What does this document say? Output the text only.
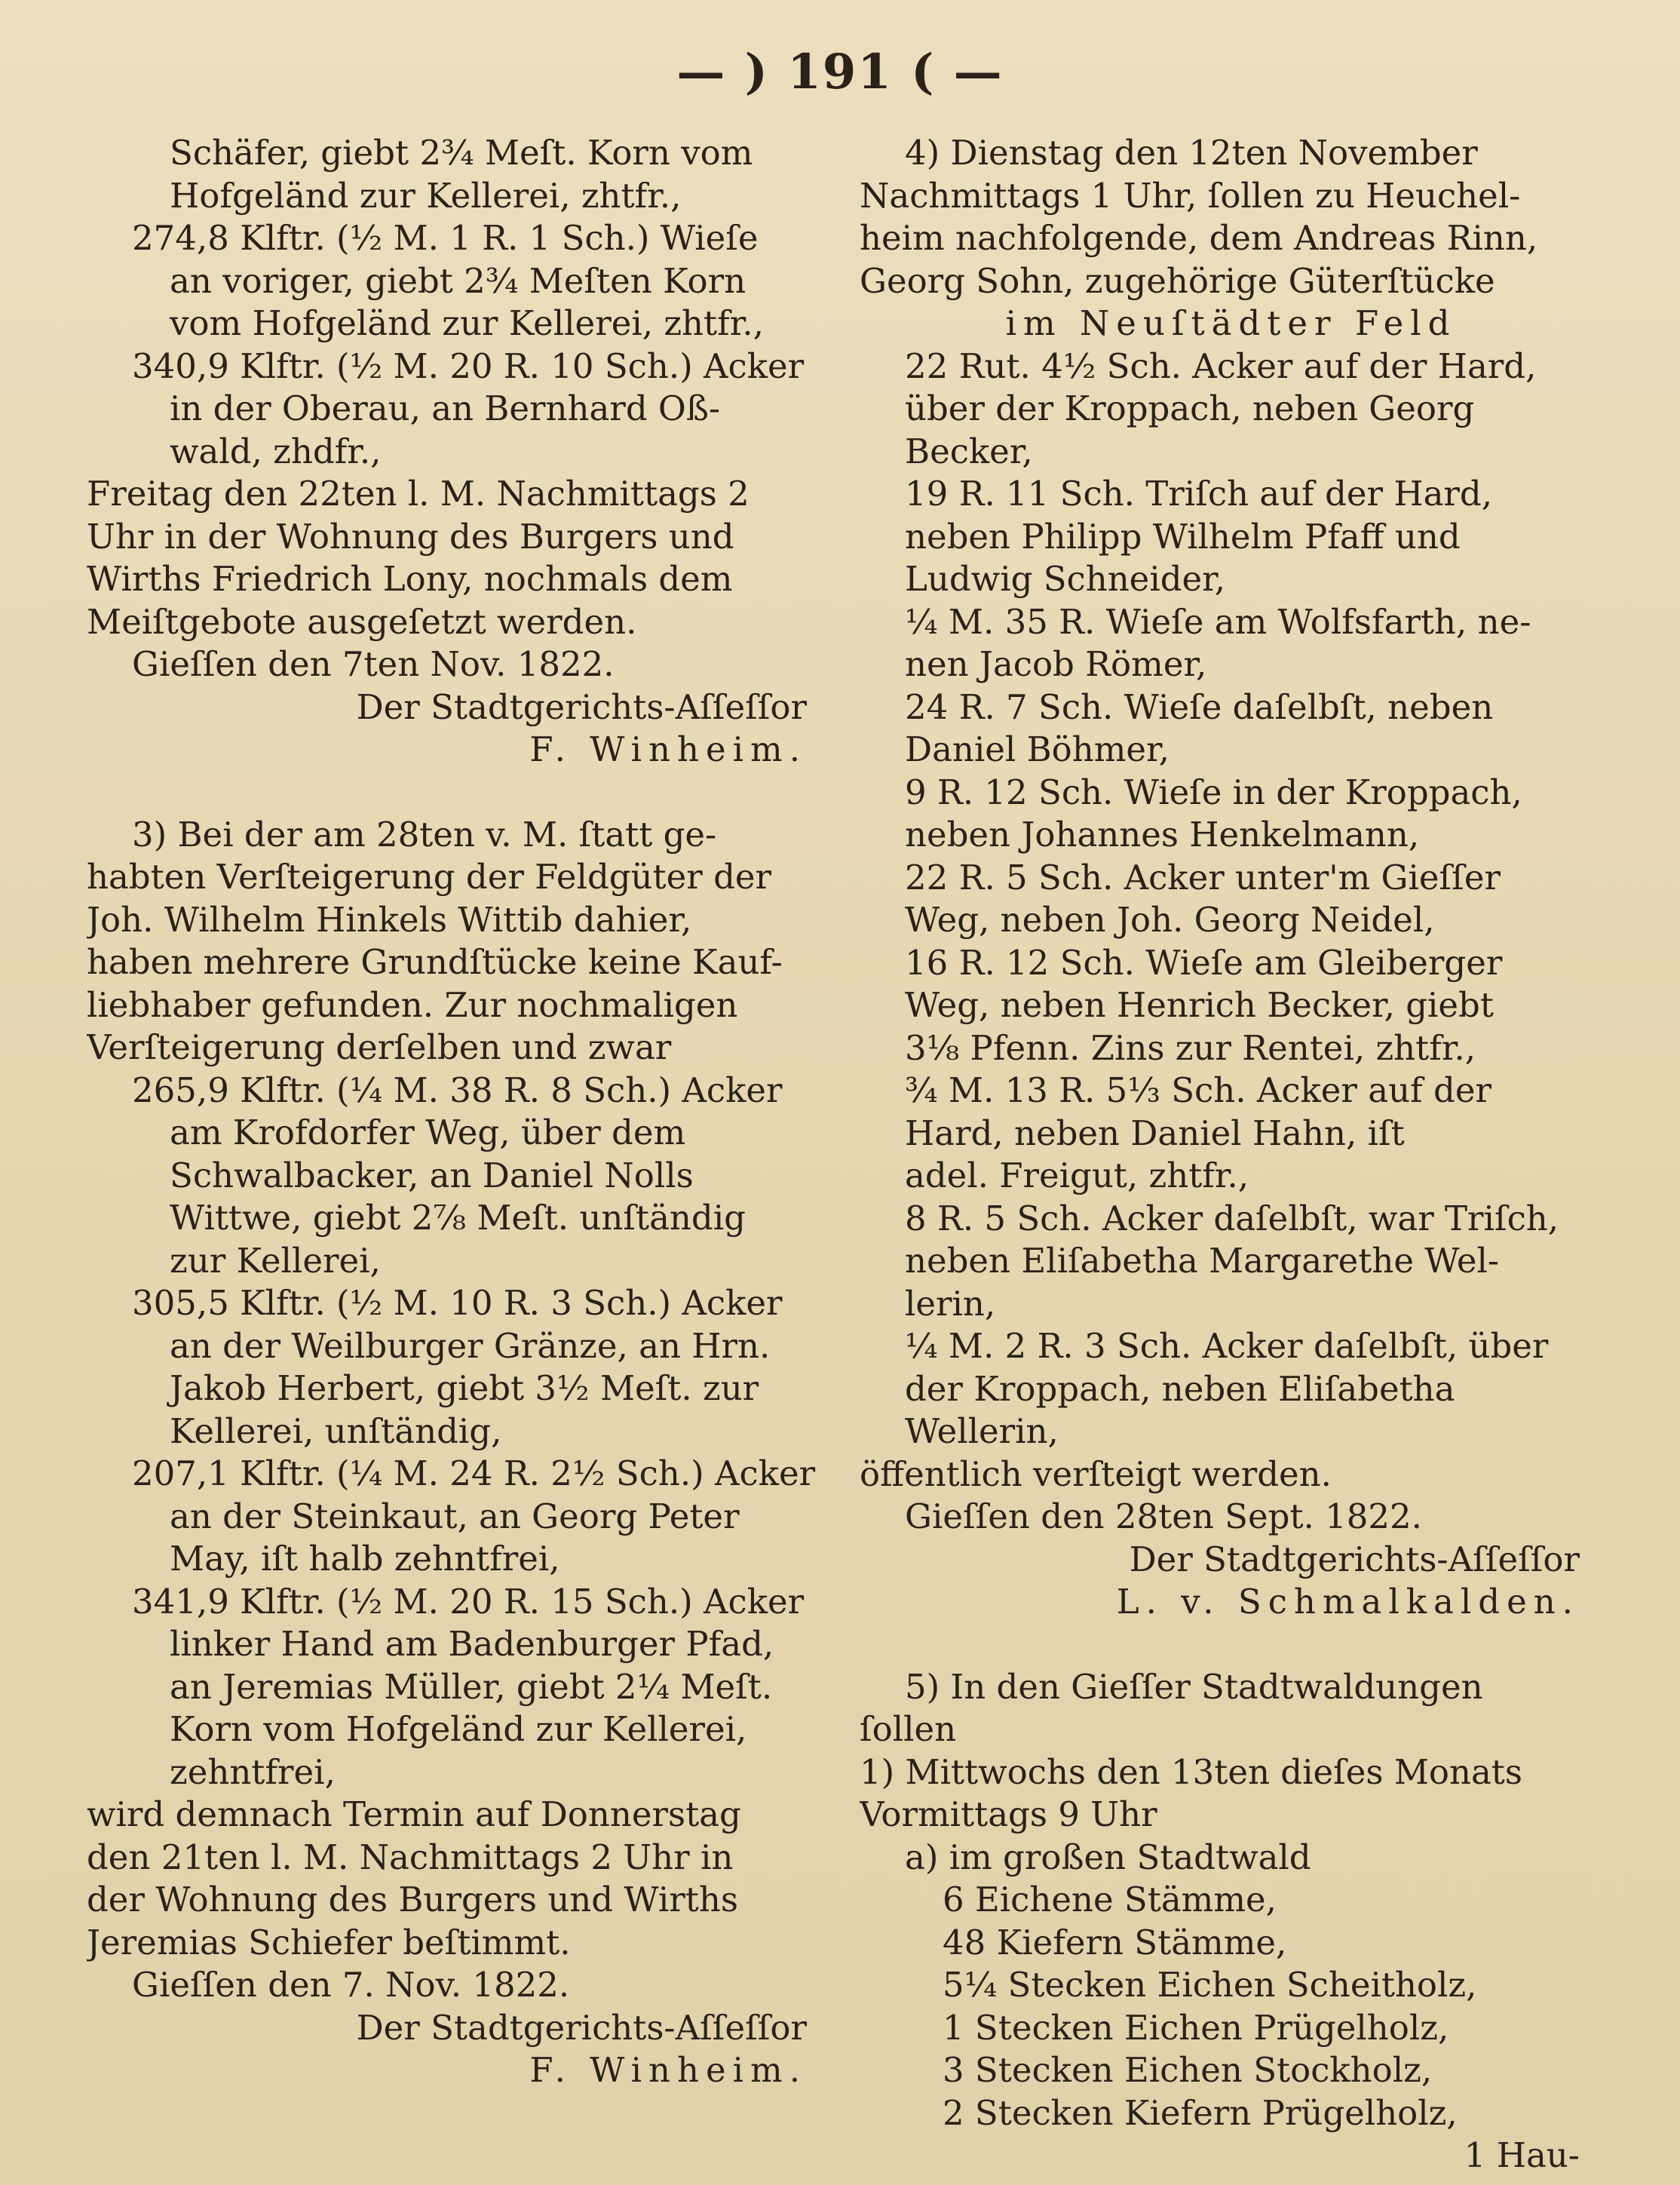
— ) 191 ( —
Schäfer, giebt 2¾ Meſt. Korn vom
Hofgeländ zur Kellerei, zhtfr.,
274,8 Klftr. (½ M. 1 R. 1 Sch.) Wieſe
an voriger, giebt 2¾ Meſten Korn
vom Hofgeländ zur Kellerei, zhtfr.,
340,9 Klftr. (½ M. 20 R. 10 Sch.) Acker
in der Oberau, an Bernhard Oß-
wald, zhdfr.,
Freitag den 22ten l. M. Nachmittags 2
Uhr in der Wohnung des Burgers und
Wirths Friedrich Lony, nochmals dem
Meiſtgebote ausgeſetzt werden.
Gieſſen den 7ten Nov. 1822.
Der Stadtgerichts-Aſſeſſor
F. Winheim.
3) Bei der am 28ten v. M. ſtatt ge-
habten Verſteigerung der Feldgüter der
Joh. Wilhelm Hinkels Wittib dahier,
haben mehrere Grundſtücke keine Kauf-
liebhaber gefunden. Zur nochmaligen
Verſteigerung derſelben und zwar
265,9 Klftr. (¼ M. 38 R. 8 Sch.) Acker
am Krofdorfer Weg, über dem
Schwalbacker, an Daniel Nolls
Wittwe, giebt 2⅞ Meſt. unſtändig
zur Kellerei,
305,5 Klftr. (½ M. 10 R. 3 Sch.) Acker
an der Weilburger Gränze, an Hrn.
Jakob Herbert, giebt 3½ Meſt. zur
Kellerei, unſtändig,
207,1 Klftr. (¼ M. 24 R. 2½ Sch.) Acker
an der Steinkaut, an Georg Peter
May, iſt halb zehntfrei,
341,9 Klftr. (½ M. 20 R. 15 Sch.) Acker
linker Hand am Badenburger Pfad,
an Jeremias Müller, giebt 2¼ Meſt.
Korn vom Hofgeländ zur Kellerei,
zehntfrei,
wird demnach Termin auf Donnerstag
den 21ten l. M. Nachmittags 2 Uhr in
der Wohnung des Burgers und Wirths
Jeremias Schiefer beſtimmt.
Gieſſen den 7. Nov. 1822.
Der Stadtgerichts-Aſſeſſor
F. Winheim.
4) Dienstag den 12ten November
Nachmittags 1 Uhr, ſollen zu Heuchel-
heim nachfolgende, dem Andreas Rinn,
Georg Sohn, zugehörige Güterſtücke
im Neuſtädter Feld
22 Rut. 4½ Sch. Acker auf der Hard,
über der Kroppach, neben Georg
Becker,
19 R. 11 Sch. Triſch auf der Hard,
neben Philipp Wilhelm Pfaff und
Ludwig Schneider,
¼ M. 35 R. Wieſe am Wolfsfarth, ne-
nen Jacob Römer,
24 R. 7 Sch. Wieſe daſelbſt, neben
Daniel Böhmer,
9 R. 12 Sch. Wieſe in der Kroppach,
neben Johannes Henkelmann,
22 R. 5 Sch. Acker unter'm Gieſſer
Weg, neben Joh. Georg Neidel,
16 R. 12 Sch. Wieſe am Gleiberger
Weg, neben Henrich Becker, giebt
3⅛ Pfenn. Zins zur Rentei, zhtfr.,
¾ M. 13 R. 5⅓ Sch. Acker auf der
Hard, neben Daniel Hahn, iſt
adel. Freigut, zhtfr.,
8 R. 5 Sch. Acker daſelbſt, war Triſch,
neben Eliſabetha Margarethe Wel-
lerin,
¼ M. 2 R. 3 Sch. Acker daſelbſt, über
der Kroppach, neben Eliſabetha
Wellerin,
öffentlich verſteigt werden.
Gieſſen den 28ten Sept. 1822.
Der Stadtgerichts-Aſſeſſor
L. v. Schmalkalden.
5) In den Gieſſer Stadtwaldungen
ſollen
1) Mittwochs den 13ten dieſes Monats
Vormittags 9 Uhr
a) im großen Stadtwald
6 Eichene Stämme,
48 Kiefern Stämme,
5¼ Stecken Eichen Scheitholz,
1 Stecken Eichen Prügelholz,
3 Stecken Eichen Stockholz,
2 Stecken Kiefern Prügelholz,
1 Hau-
